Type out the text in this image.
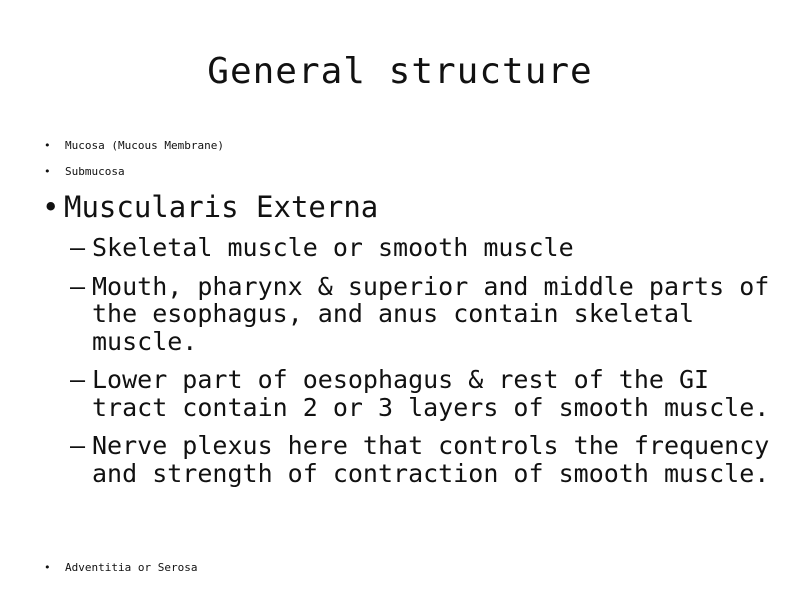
General structure
• Mucosa (Mucous Membrane)
• Submucosa
• Muscularis Externa
– Skeletal muscle or smooth muscle
– Mouth, pharynx & superior and middle parts of the esophagus, and anus contain skeletal muscle.
– Lower part of oesophagus & rest of the GI tract contain 2 or 3 layers of smooth muscle.
– Nerve plexus here that controls the frequency and strength of contraction of smooth muscle.
• Adventitia or Serosa
